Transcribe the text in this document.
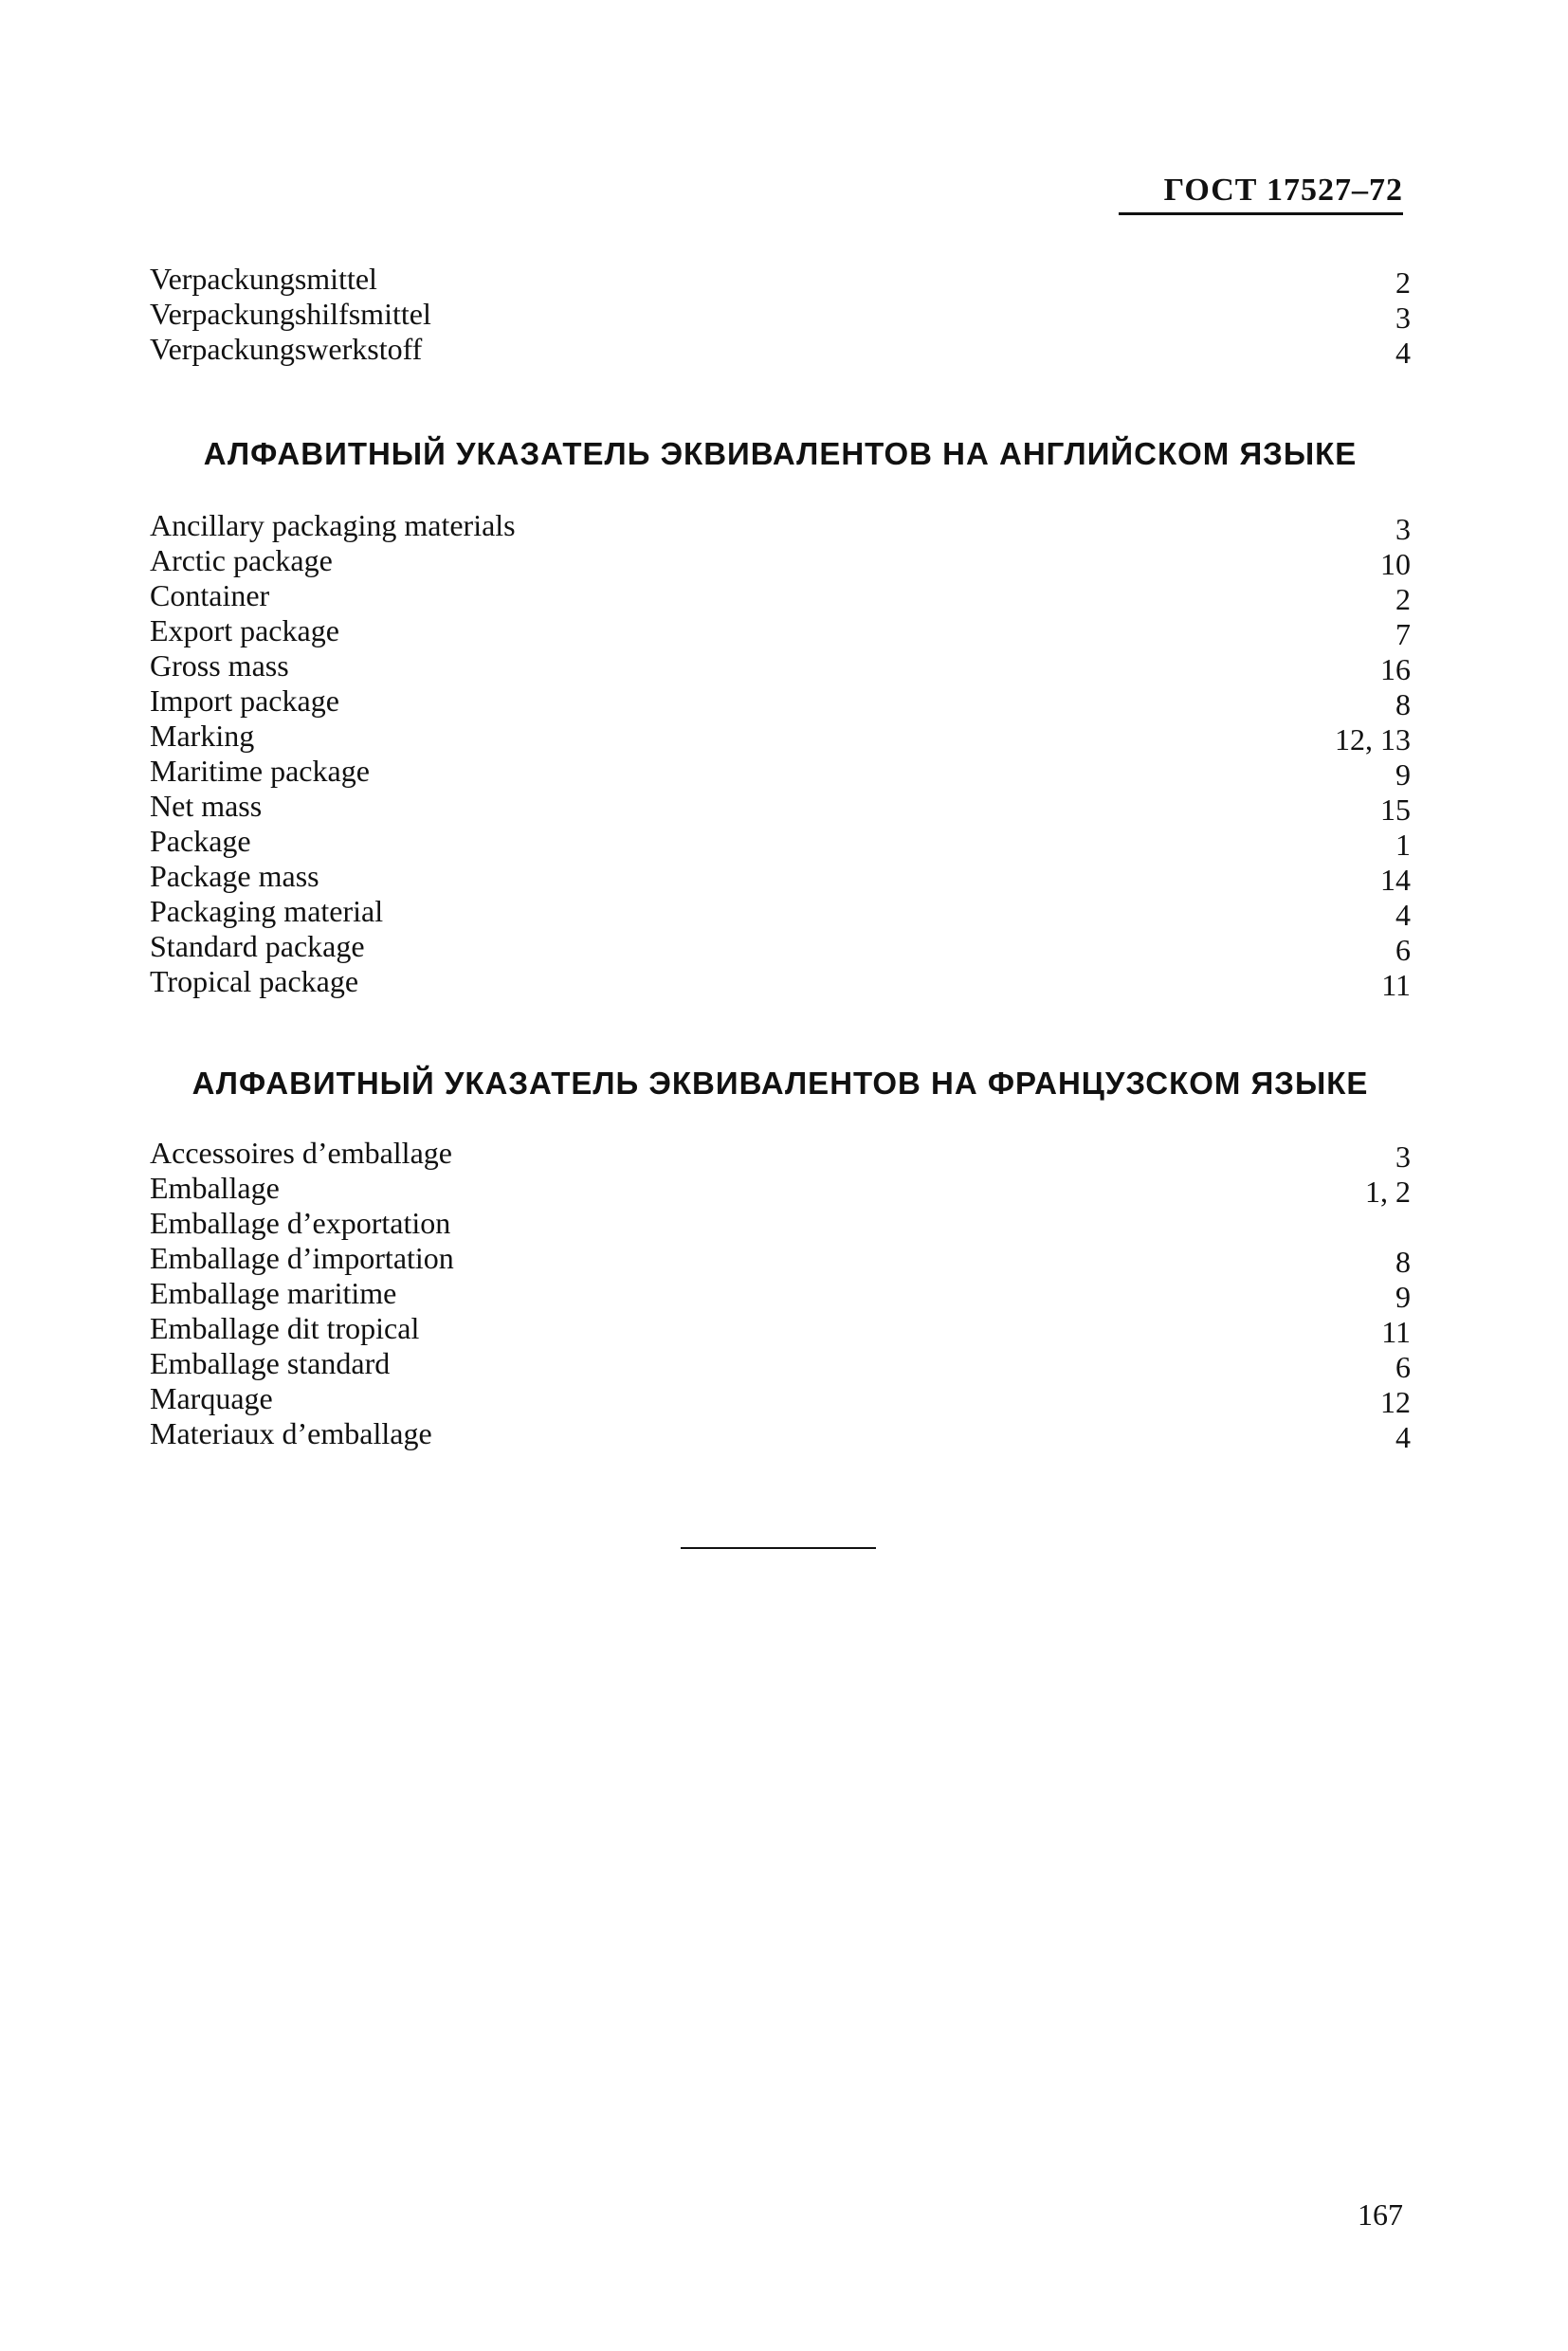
ГОСТ 17527–72
Verpackungsmittel	2
Verpackungshilfsmittel	3
Verpackungswerkstoff	4
АЛФАВИТНЫЙ УКАЗАТЕЛЬ ЭКВИВАЛЕНТОВ НА АНГЛИЙСКОМ ЯЗЫКЕ
Ancillary packaging materials	3
Arctic package	10
Container	2
Export package	7
Gross mass	16
Import package	8
Marking	12, 13
Maritime package	9
Net mass	15
Package	1
Package mass	14
Packaging material	4
Standard package	6
Tropical package	11
АЛФАВИТНЫЙ УКАЗАТЕЛЬ ЭКВИВАЛЕНТОВ НА ФРАНЦУЗСКОМ ЯЗЫКЕ
Accessoires d’emballage	3
Emballage	1, 2
Emballage d’exportation
Emballage d’importation	8
Emballage maritime	9
Emballage dit tropical	11
Emballage standard	6
Marquage	12
Materiaux d’emballage	4
167
